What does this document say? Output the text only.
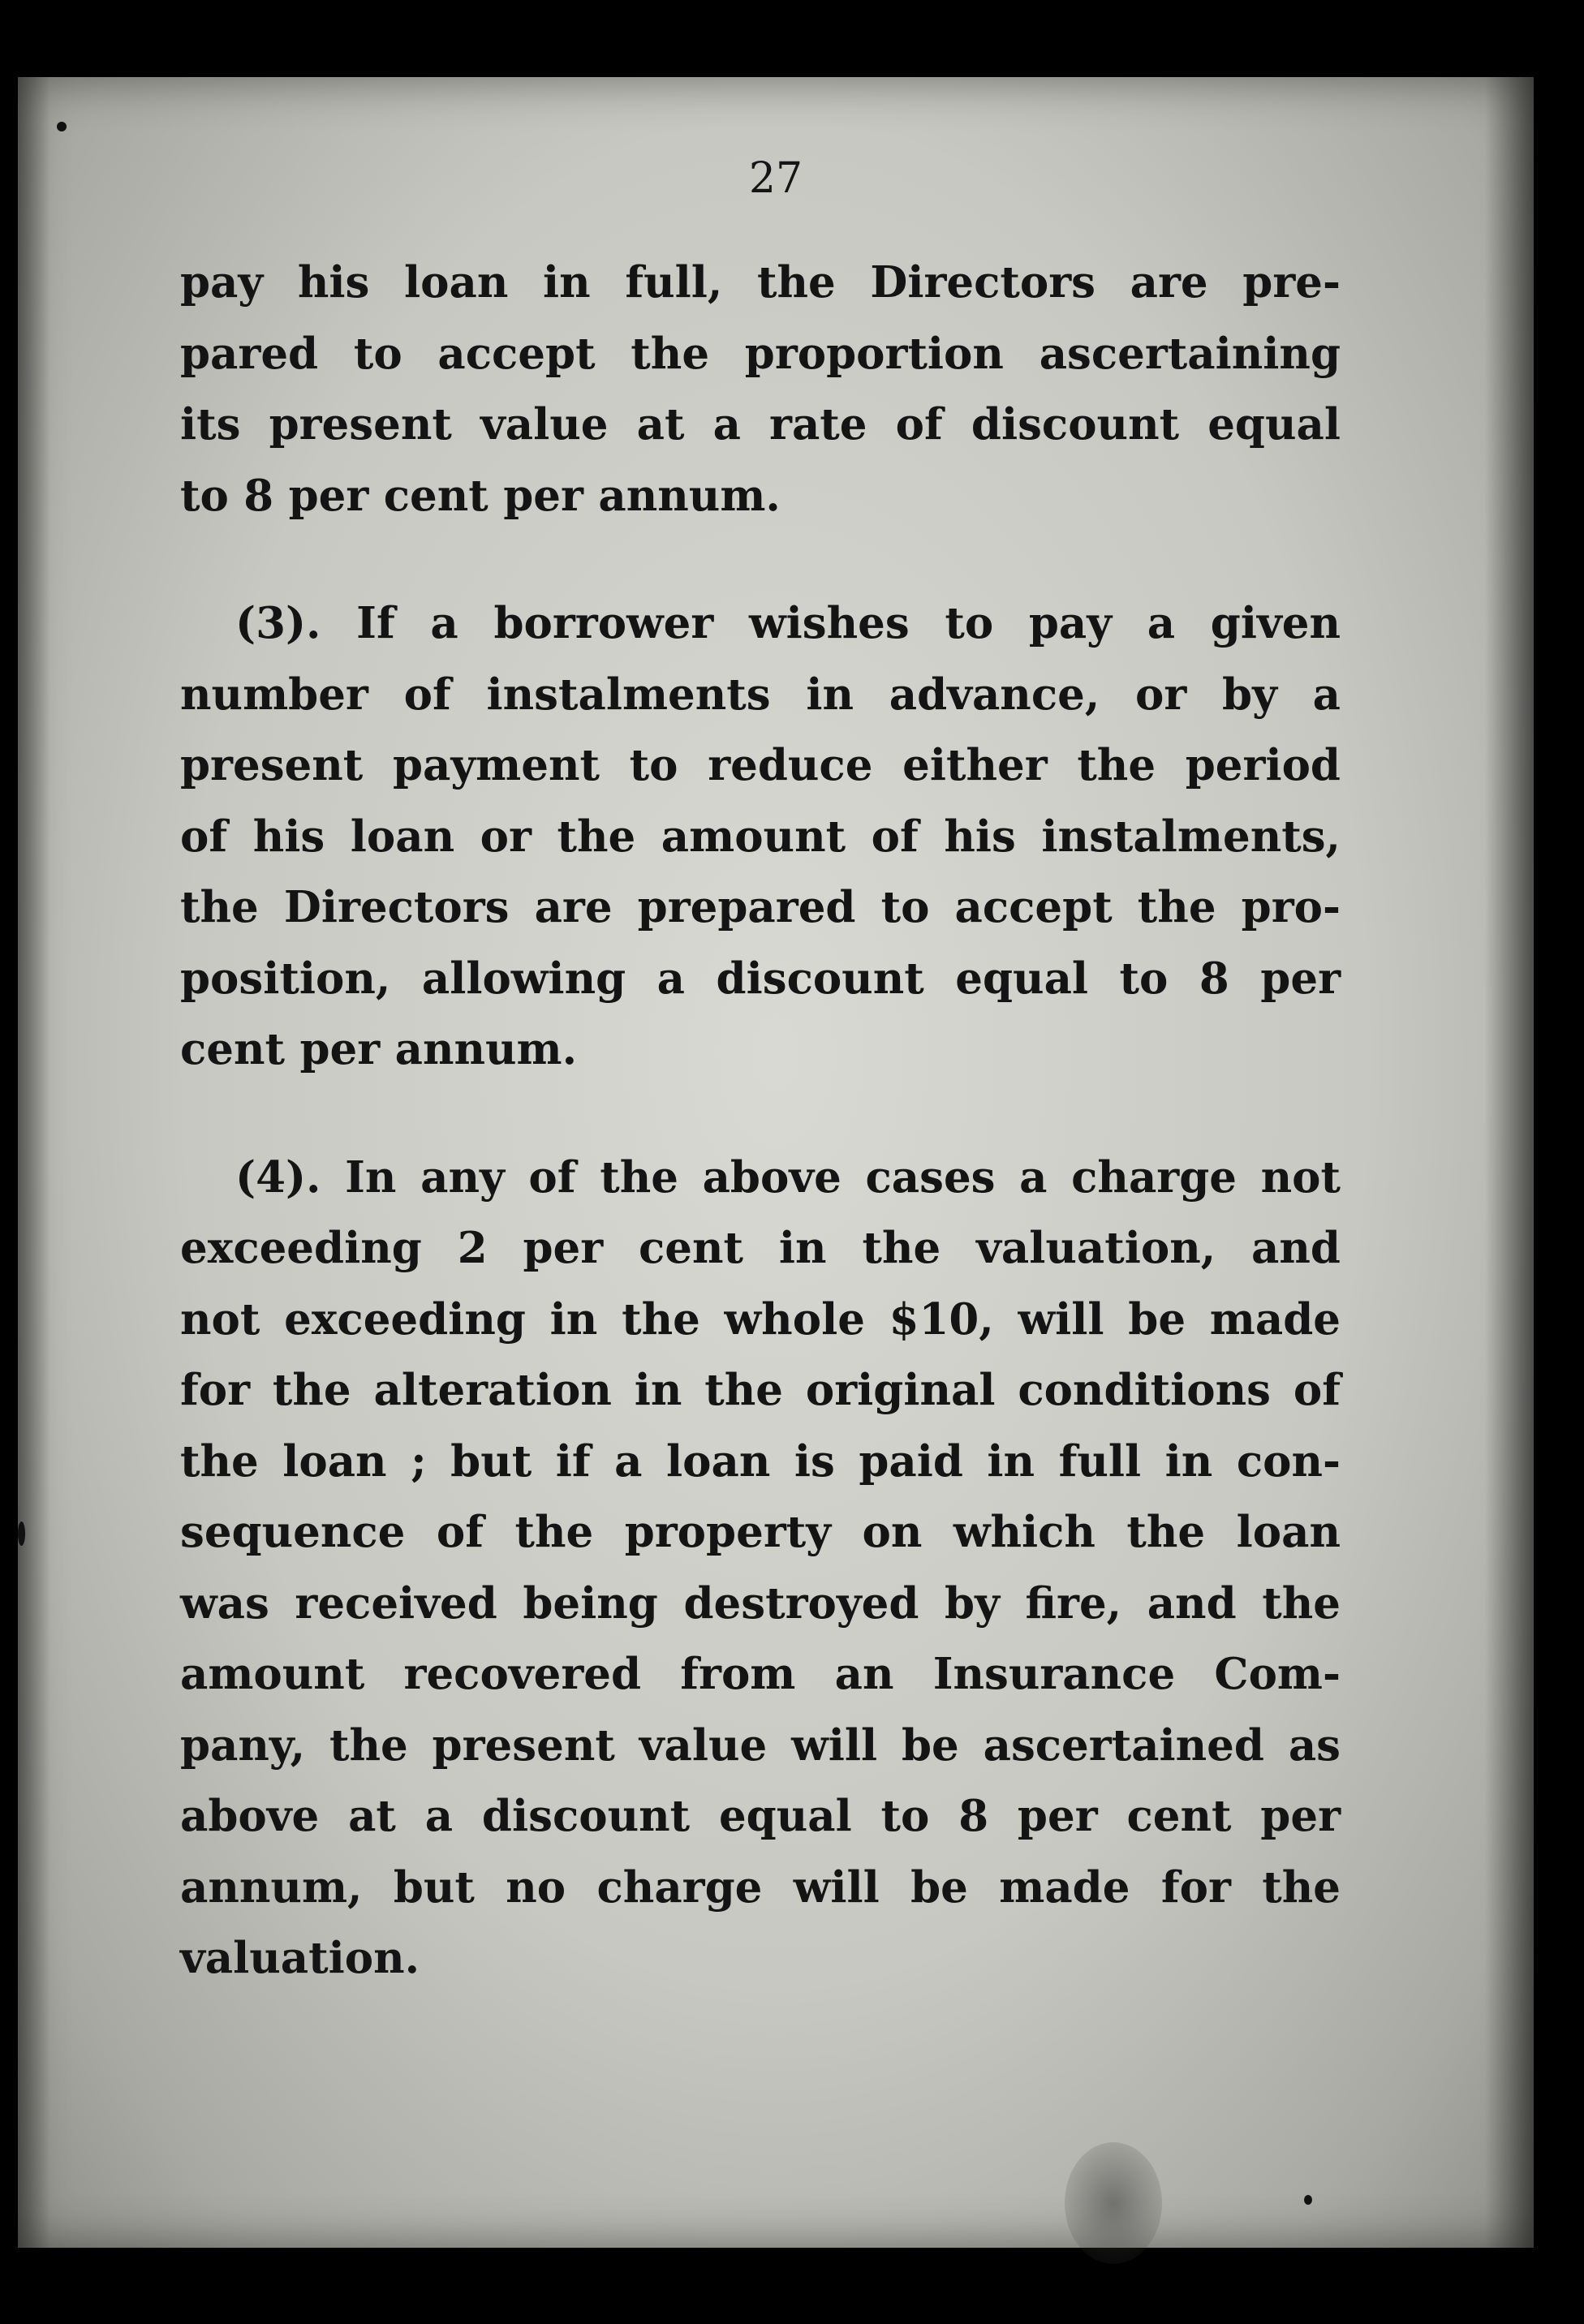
27

pay his loan in full, the Directors are pre-
pared to accept the proportion ascertaining
its present value at a rate of discount equal
to 8 per cent per annum.
(3). If a borrower wishes to pay a given
number of instalments in advance, or by a
present payment to reduce either the period
of his loan or the amount of his instalments,
the Directors are prepared to accept the pro-
position, allowing a discount equal to 8 per
cent per annum.
(4). In any of the above cases a charge not
exceeding 2 per cent in the valuation, and
not exceeding in the whole $10, will be made
for the alteration in the original conditions of
the loan ; but if a loan is paid in full in con-
sequence of the property on which the loan
was received being destroyed by fire, and the
amount recovered from an Insurance Com-
pany, the present value will be ascertained as
above at a discount equal to 8 per cent per
annum, but no charge will be made for the
valuation.
